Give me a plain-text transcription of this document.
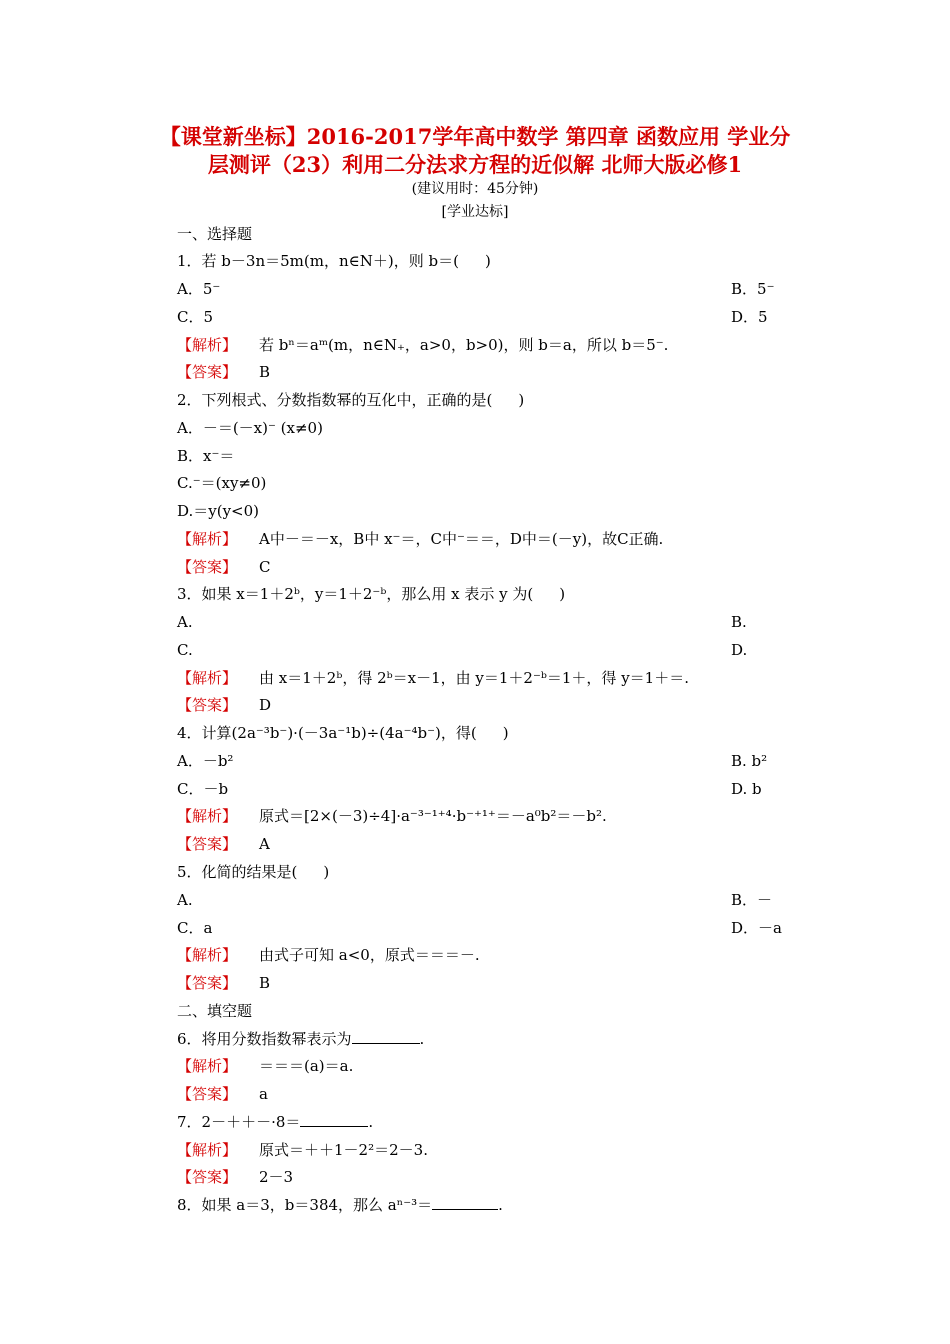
【课堂新坐标】2016-2017学年高中数学 第四章 函数应用 学业分
层测评（23）利用二分法求方程的近似解 北师大版必修1
(建议用时：45分钟)
[学业达标]
一、选择题
1．若 b－3n＝5m(m，n∈N＋)，则 b＝( )
A．5⁻	B．5⁻
C．5	D．5
【解析】 若 bⁿ＝aᵐ(m，n∈N₊，a>0，b>0)，则 b＝a，所以 b＝5⁻.
【答案】 B
2．下列根式、分数指数幂的互化中，正确的是( )
A．－＝(－x)⁻ (x≠0)
B．x⁻＝
C.⁻＝(xy≠0)
D.＝y(y<0)
【解析】 A中－＝－x，B中 x⁻＝，C中⁻＝＝，D中＝(－y)，故C正确.
【答案】 C
3．如果 x＝1＋2ᵇ，y＝1＋2⁻ᵇ，那么用 x 表示 y 为( )
A.	B.
C.	D.
【解析】 由 x＝1＋2ᵇ，得 2ᵇ＝x－1，由 y＝1＋2⁻ᵇ＝1＋，得 y＝1＋＝.
【答案】 D
4．计算(2a⁻³b⁻)·(－3a⁻¹b)÷(4a⁻⁴b⁻)，得( )
A．－b²	B. b²
C．－b	D. b
【解析】 原式＝[2×(－3)÷4]·a⁻³⁻¹⁺⁴·b⁻⁺¹⁺＝－a⁰b²＝－b².
【答案】 A
5．化简的结果是( )
A.	B．－
C．a	D．－a
【解析】 由式子可知 a<0，原式＝＝＝－.
【答案】 B
二、填空题
6．将用分数指数幂表示为	.
【解析】 ＝＝＝(a)＝a.
【答案】 a
7．2－＋＋－·8＝	.
【解析】 原式＝＋＋1－2²＝2－3.
【答案】 2－3
8．如果 a＝3，b＝384，那么 aⁿ⁻³＝	.
